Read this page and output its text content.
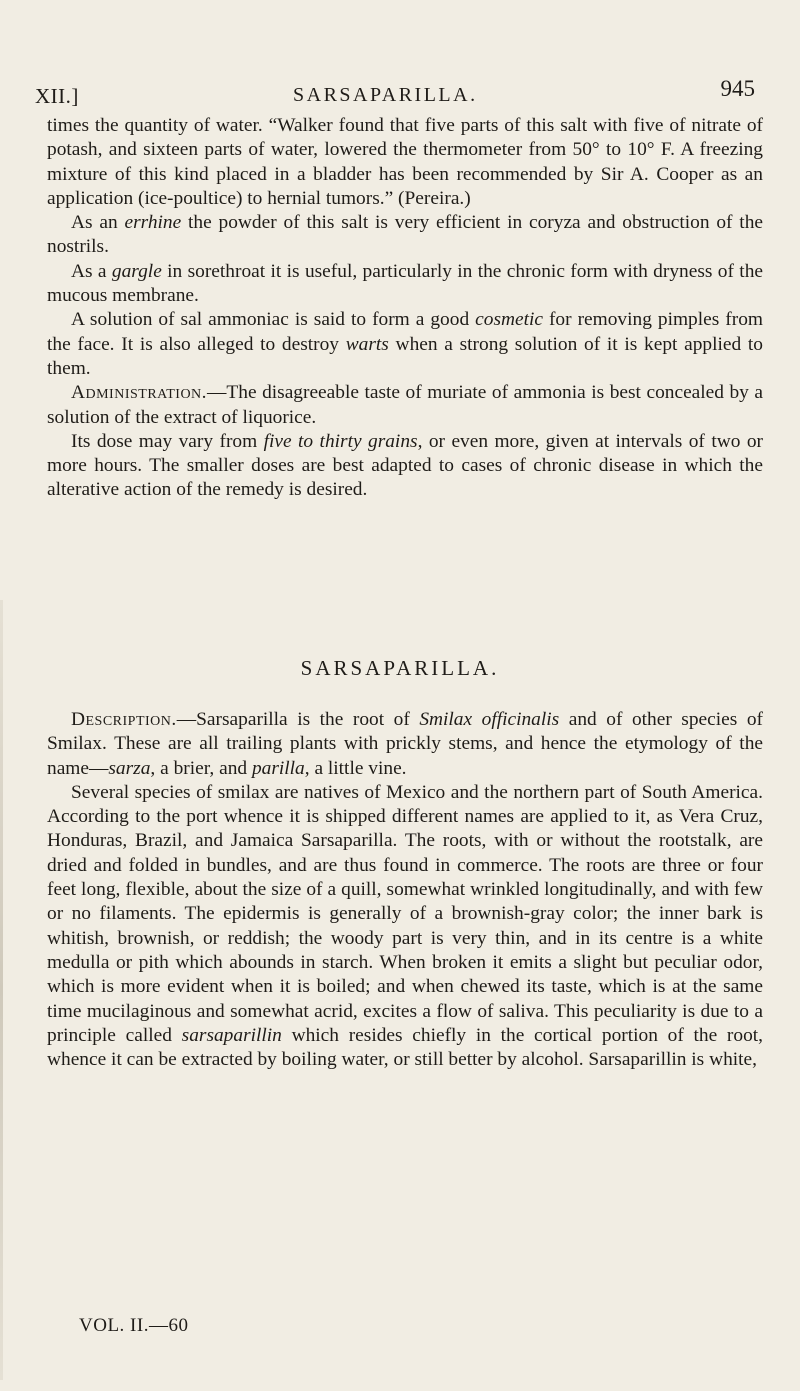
XII.]	SARSAPARILLA.	945

times the quantity of water. “Walker found that five parts of this salt with five of nitrate of potash, and sixteen parts of water, lowered the thermometer from 50° to 10° F. A freezing mixture of this kind placed in a bladder has been recommended by Sir A. Cooper as an application (ice-poultice) to hernial tumors.” (Pereira.)

As an errhine the powder of this salt is very efficient in coryza and obstruction of the nostrils.

As a gargle in sorethroat it is useful, particularly in the chronic form with dryness of the mucous membrane.

A solution of sal ammoniac is said to form a good cosmetic for removing pimples from the face. It is also alleged to destroy warts when a strong solution of it is kept applied to them.

Administration.—The disagreeable taste of muriate of ammonia is best concealed by a solution of the extract of liquorice.

Its dose may vary from five to thirty grains, or even more, given at intervals of two or more hours. The smaller doses are best adapted to cases of chronic disease in which the alterative action of the remedy is desired.

SARSAPARILLA.

Description.—Sarsaparilla is the root of Smilax officinalis and of other species of Smilax. These are all trailing plants with prickly stems, and hence the etymology of the name—sarza, a brier, and parilla, a little vine.

Several species of smilax are natives of Mexico and the northern part of South America. According to the port whence it is shipped different names are applied to it, as Vera Cruz, Honduras, Brazil, and Jamaica Sarsaparilla. The roots, with or without the rootstalk, are dried and folded in bundles, and are thus found in commerce. The roots are three or four feet long, flexible, about the size of a quill, somewhat wrinkled longitudinally, and with few or no filaments. The epidermis is generally of a brownish-gray color; the inner bark is whitish, brownish, or reddish; the woody part is very thin, and in its centre is a white medulla or pith which abounds in starch. When broken it emits a slight but peculiar odor, which is more evident when it is boiled; and when chewed its taste, which is at the same time mucilaginous and somewhat acrid, excites a flow of saliva. This peculiarity is due to a principle called sarsaparillin which resides chiefly in the cortical portion of the root, whence it can be extracted by boiling water, or still better by alcohol. Sarsaparillin is white,

VOL. II.—60
